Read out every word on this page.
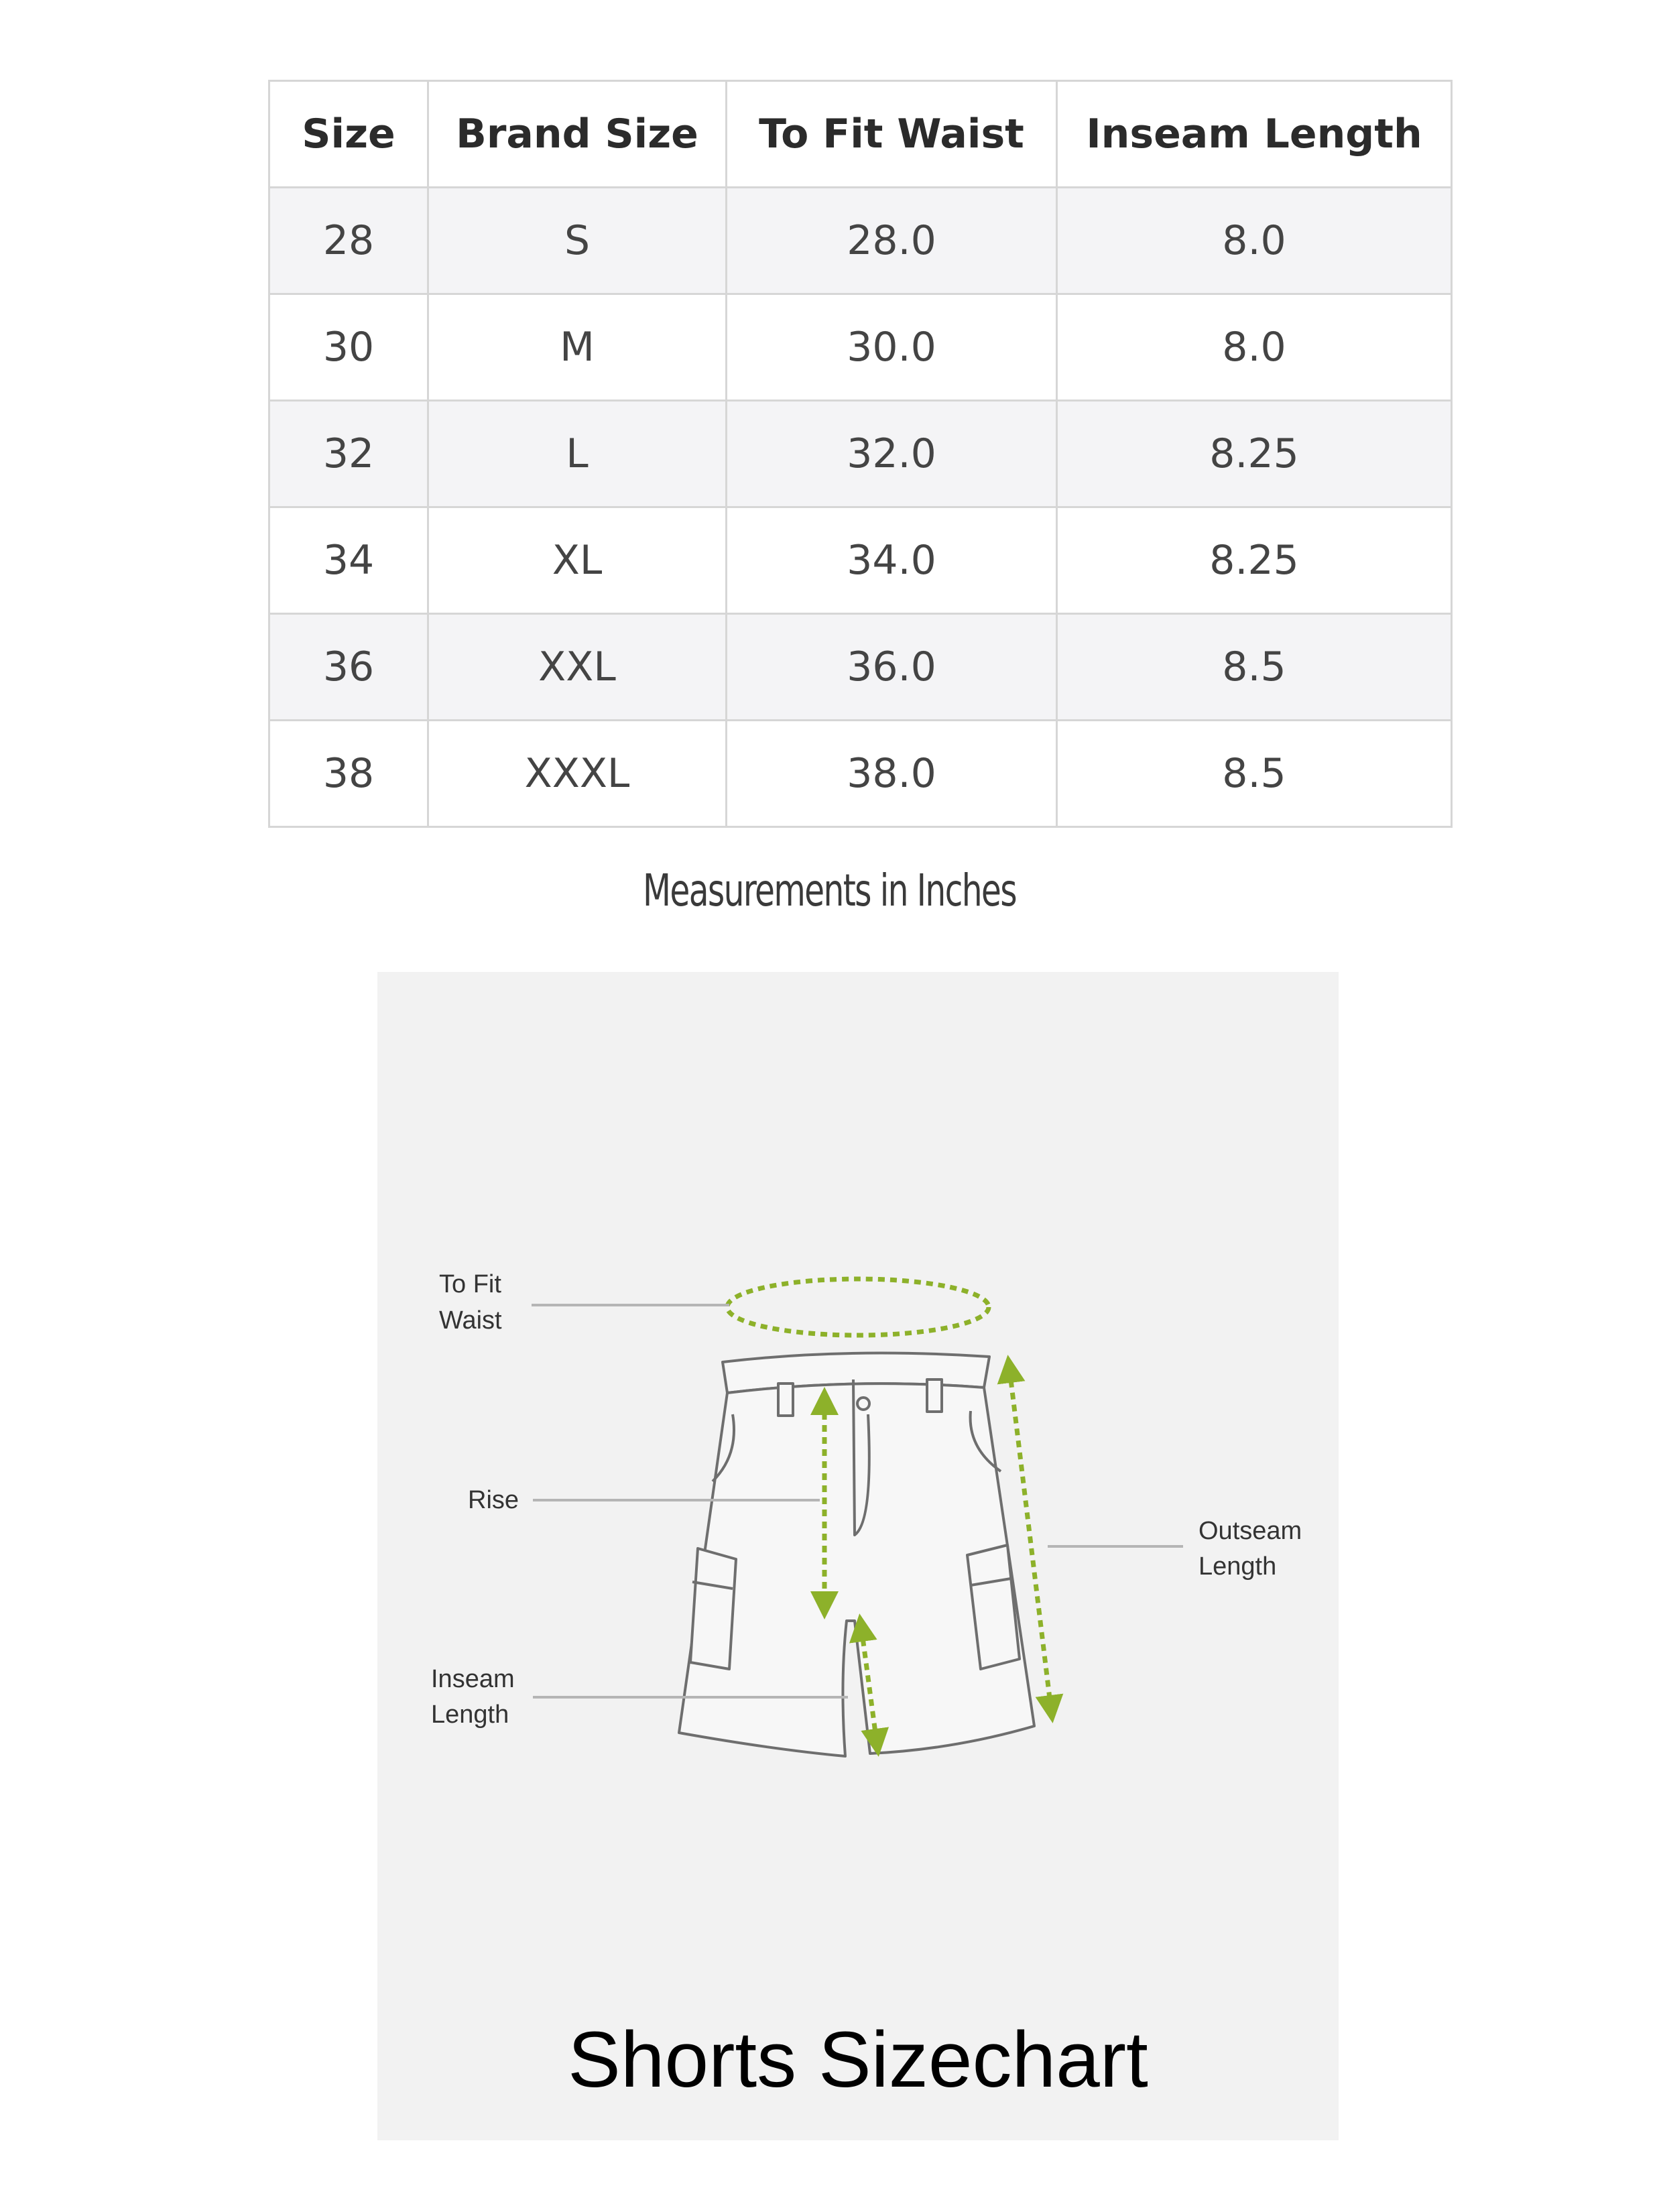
Size	Brand Size	To Fit Waist	Inseam Length
28	S	28.0	8.0
30	M	30.0	8.0
32	L	32.0	8.25
34	XL	34.0	8.25
36	XXL	36.0	8.5
38	XXXL	38.0	8.5
Measurements in Inches
To Fit
Waist
Rise
Inseam
Length
Outseam
Length
Shorts Sizechart
